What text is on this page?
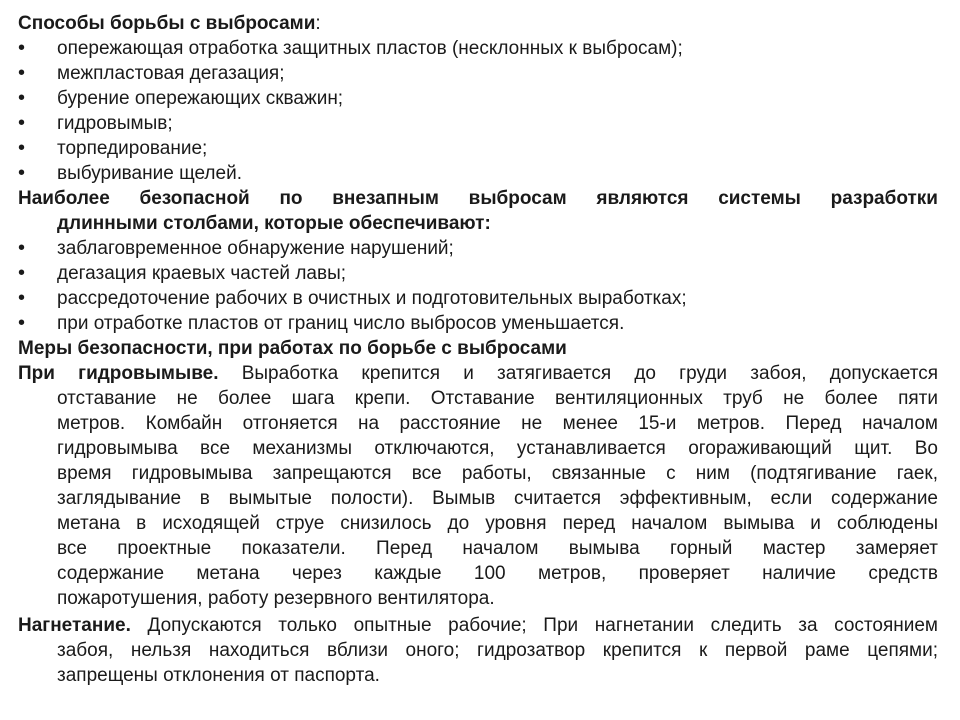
Способы борьбы с выбросами:
• опережающая отработка защитных пластов (несклонных к выбросам);
• межпластовая дегазация;
• бурение опережающих скважин;
• гидровымыв;
• торпедирование;
• выбуривание щелей.
Наиболее безопасной по внезапным выбросам являются системы разработки
длинными столбами, которые обеспечивают:
• заблаговременное обнаружение нарушений;
• дегазация краевых частей лавы;
• рассредоточение рабочих в очистных и подготовительных выработках;
• при отработке пластов от границ число выбросов уменьшается.
Меры безопасности, при работах по борьбе с выбросами
При гидровымыве. Выработка крепится и затягивается до груди забоя, допускается
отставание не более шага крепи. Отставание вентиляционных труб не более пяти
метров. Комбайн отгоняется на расстояние не менее 15-и метров. Перед началом
гидровымыва все механизмы отключаются, устанавливается огораживающий щит. Во
время гидровымыва запрещаются все работы, связанные с ним (подтягивание гаек,
заглядывание в вымытые полости). Вымыв считается эффективным, если содержание
метана в исходящей струе снизилось до уровня перед началом вымыва и соблюдены
все проектные показатели. Перед началом вымыва горный мастер замеряет
содержание метана через каждые 100 метров, проверяет наличие средств
пожаротушения, работу резервного вентилятора.
Нагнетание. Допускаются только опытные рабочие; При нагнетании следить за состоянием
забоя, нельзя находиться вблизи оного; гидрозатвор крепится к первой раме цепями;
запрещены отклонения от паспорта.
